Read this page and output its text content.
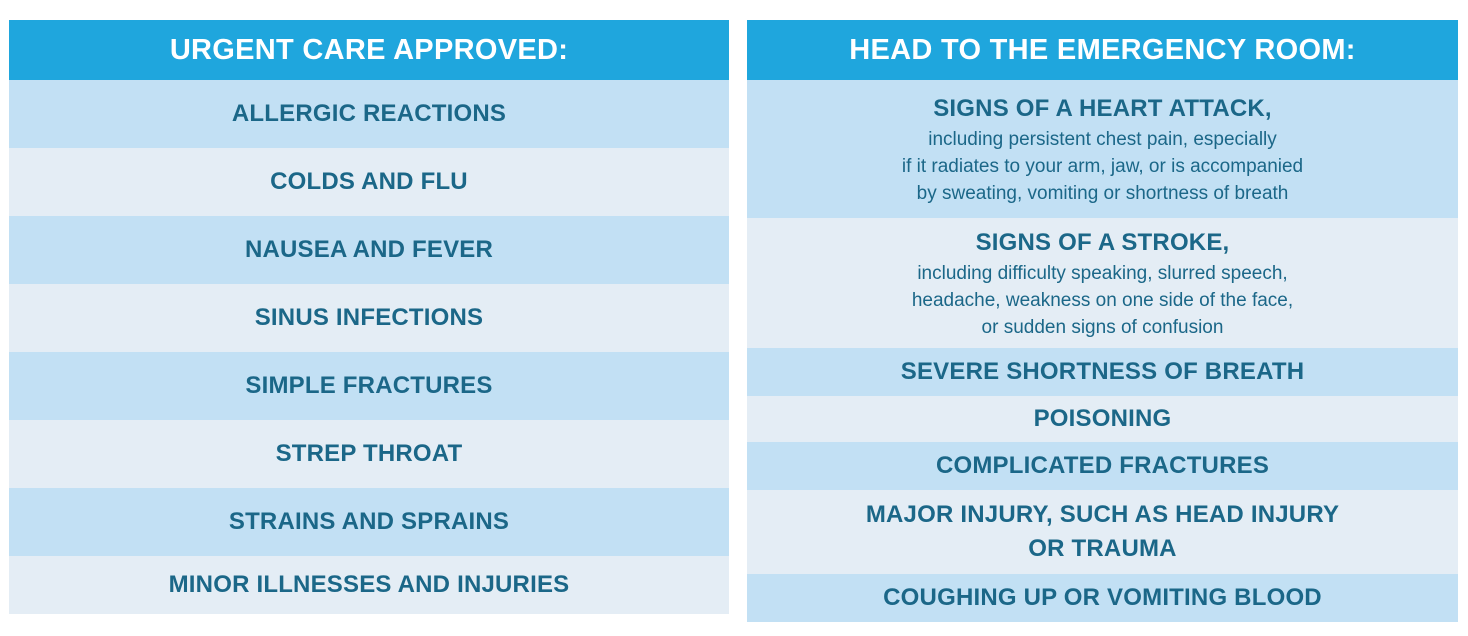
URGENT CARE APPROVED:
ALLERGIC REACTIONS
COLDS AND FLU
NAUSEA AND FEVER
SINUS INFECTIONS
SIMPLE FRACTURES
STREP THROAT
STRAINS AND SPRAINS
MINOR ILLNESSES AND INJURIES
HEAD TO THE EMERGENCY ROOM:
SIGNS OF A HEART ATTACK,
including persistent chest pain, especially
if it radiates to your arm, jaw, or is accompanied
by sweating, vomiting or shortness of breath
SIGNS OF A STROKE,
including difficulty speaking, slurred speech,
headache, weakness on one side of the face,
or sudden signs of confusion
SEVERE SHORTNESS OF BREATH
POISONING
COMPLICATED FRACTURES
MAJOR INJURY, SUCH AS HEAD INJURY
OR TRAUMA
COUGHING UP OR VOMITING BLOOD
